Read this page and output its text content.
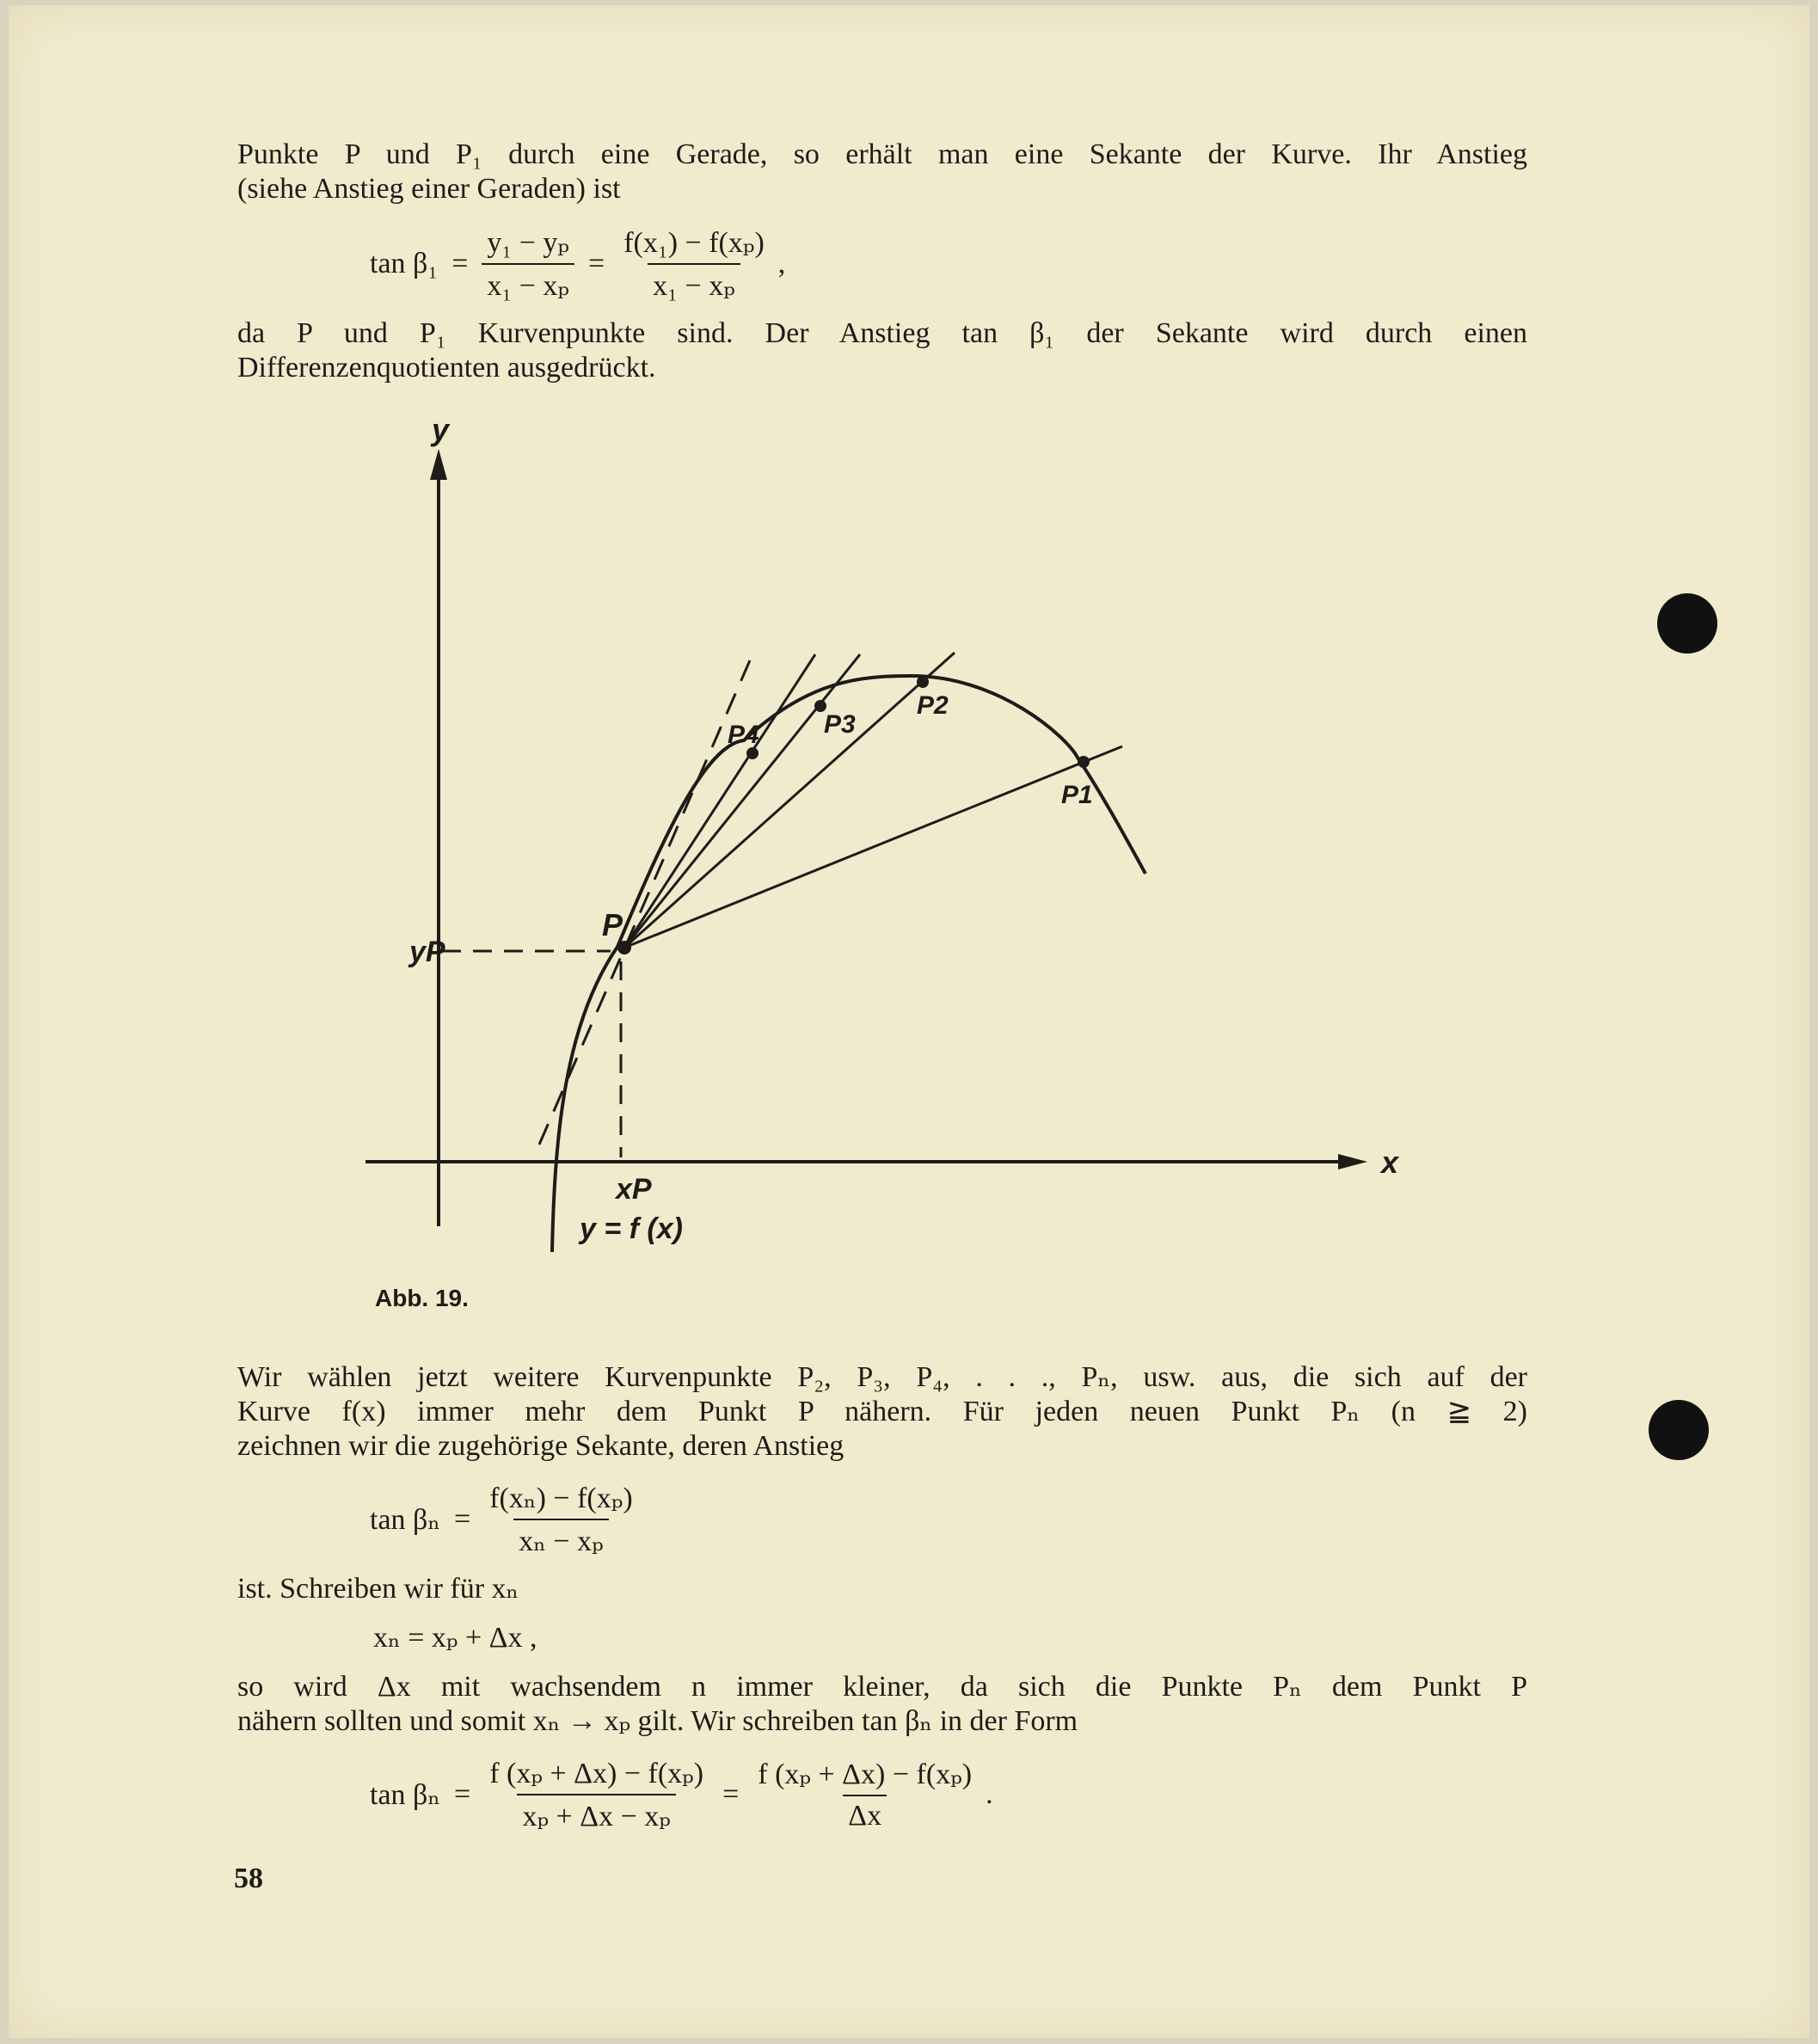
Punkte P und P₁ durch eine Gerade, so erhält man eine Sekante der Kurve. Ihr Anstieg
(siehe Anstieg einer Geraden) ist
$\tan \beta_1 = \frac{\text{y₁ − yₚ}}{\text{x₁ − xₚ}} = \frac{\text{f(x₁) − f(xₚ)}}{\text{x₁ − xₚ}}$ ,
da P und P₁ Kurvenpunkte sind. Der Anstieg tan β₁ der Sekante wird durch einen
Differenzenquotienten ausgedrückt.
y
x
yP
xP
y = f (x)
P
P1
P2
P3
P4
Abb. 19.
Wir wählen jetzt weitere Kurvenpunkte P₂, P₃, P₄, . . ., Pₙ, usw. aus, die sich auf der
Kurve f(x) immer mehr dem Punkt P nähern. Für jeden neuen Punkt Pₙ (n ≧ 2)
zeichnen wir die zugehörige Sekante, deren Anstieg
$\tan \beta_n = \frac{\text{f(xₙ) − f(xₚ)}}{\text{xₙ − xₚ}}$
ist. Schreiben wir für xₙ
xₙ = xₚ + Δx ,
so wird Δx mit wachsendem n immer kleiner, da sich die Punkte Pₙ dem Punkt P
nähern sollten und somit xₙ → xₚ gilt. Wir schreiben tan βₙ in der Form
$\tan \beta_n = \frac{\text{f (xₚ + Δx) − f(xₚ)}}{\text{xₚ + Δx − xₚ}} = \frac{\text{f (xₚ + Δx) − f(xₚ)}}{\Delta x}$ .
58
